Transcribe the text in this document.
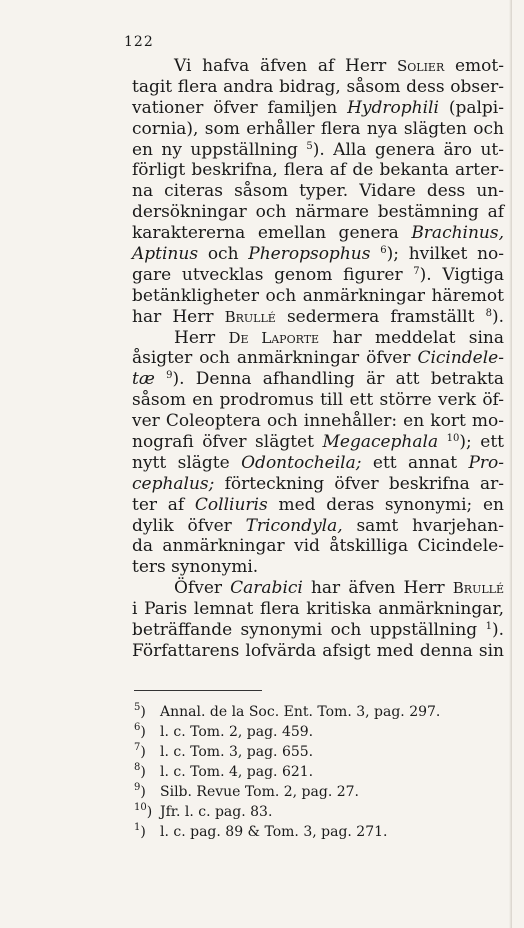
122
Vi hafva äfven af Herr Solier emot-
tagit flera andra bidrag, såsom dess obser-
vationer öfver familjen Hydrophili (palpi-
cornia), som erhåller flera nya slägten och
en ny uppställning $^5$). Alla genera äro ut-
förligt beskrifna, flera af de bekanta arter-
na citeras såsom typer. Vidare dess un-
dersökningar och närmare bestämning af
karaktererna emellan genera Brachinus,
Aptinus och Pheropsophus $^6$); hvilket no-
gare utvecklas genom figurer $^7$). Vigtiga
betänkligheter och anmärkningar häremot
har Herr Brullé sedermera framställt $^8$).
Herr De Laporte har meddelat sina
åsigter och anmärkningar öfver Cicindele-
tæ $^9$). Denna afhandling är att betrakta
såsom en prodromus till ett större verk öf-
ver Coleoptera och innehåller: en kort mo-
nografi öfver slägtet Megacephala $^{10}$); ett
nytt slägte Odontocheila; ett annat Pro-
cephalus; förteckning öfver beskrifna ar-
ter af Colliuris med deras synonymi; en
dylik öfver Tricondyla, samt hvarjehan-
da anmärkningar vid åtskilliga Cicindele-
ters synonymi.
Öfver Carabici har äfven Herr Brullé
i Paris lemnat flera kritiska anmärkningar,
beträffande synonymi och uppställning $^1$).
Författarens lofvärda afsigt med denna sin
$^5$) Annal. de la Soc. Ent. Tom. 3, pag. 297.
$^6$) l. c. Tom. 2, pag. 459.
$^7$) l. c. Tom. 3, pag. 655.
$^8$) l. c. Tom. 4, pag. 621.
$^9$) Silb. Revue Tom. 2, pag. 27.
$^{10}$) Jfr. l. c. pag. 83.
$^1$) l. c. pag. 89 & Tom. 3, pag. 271.
